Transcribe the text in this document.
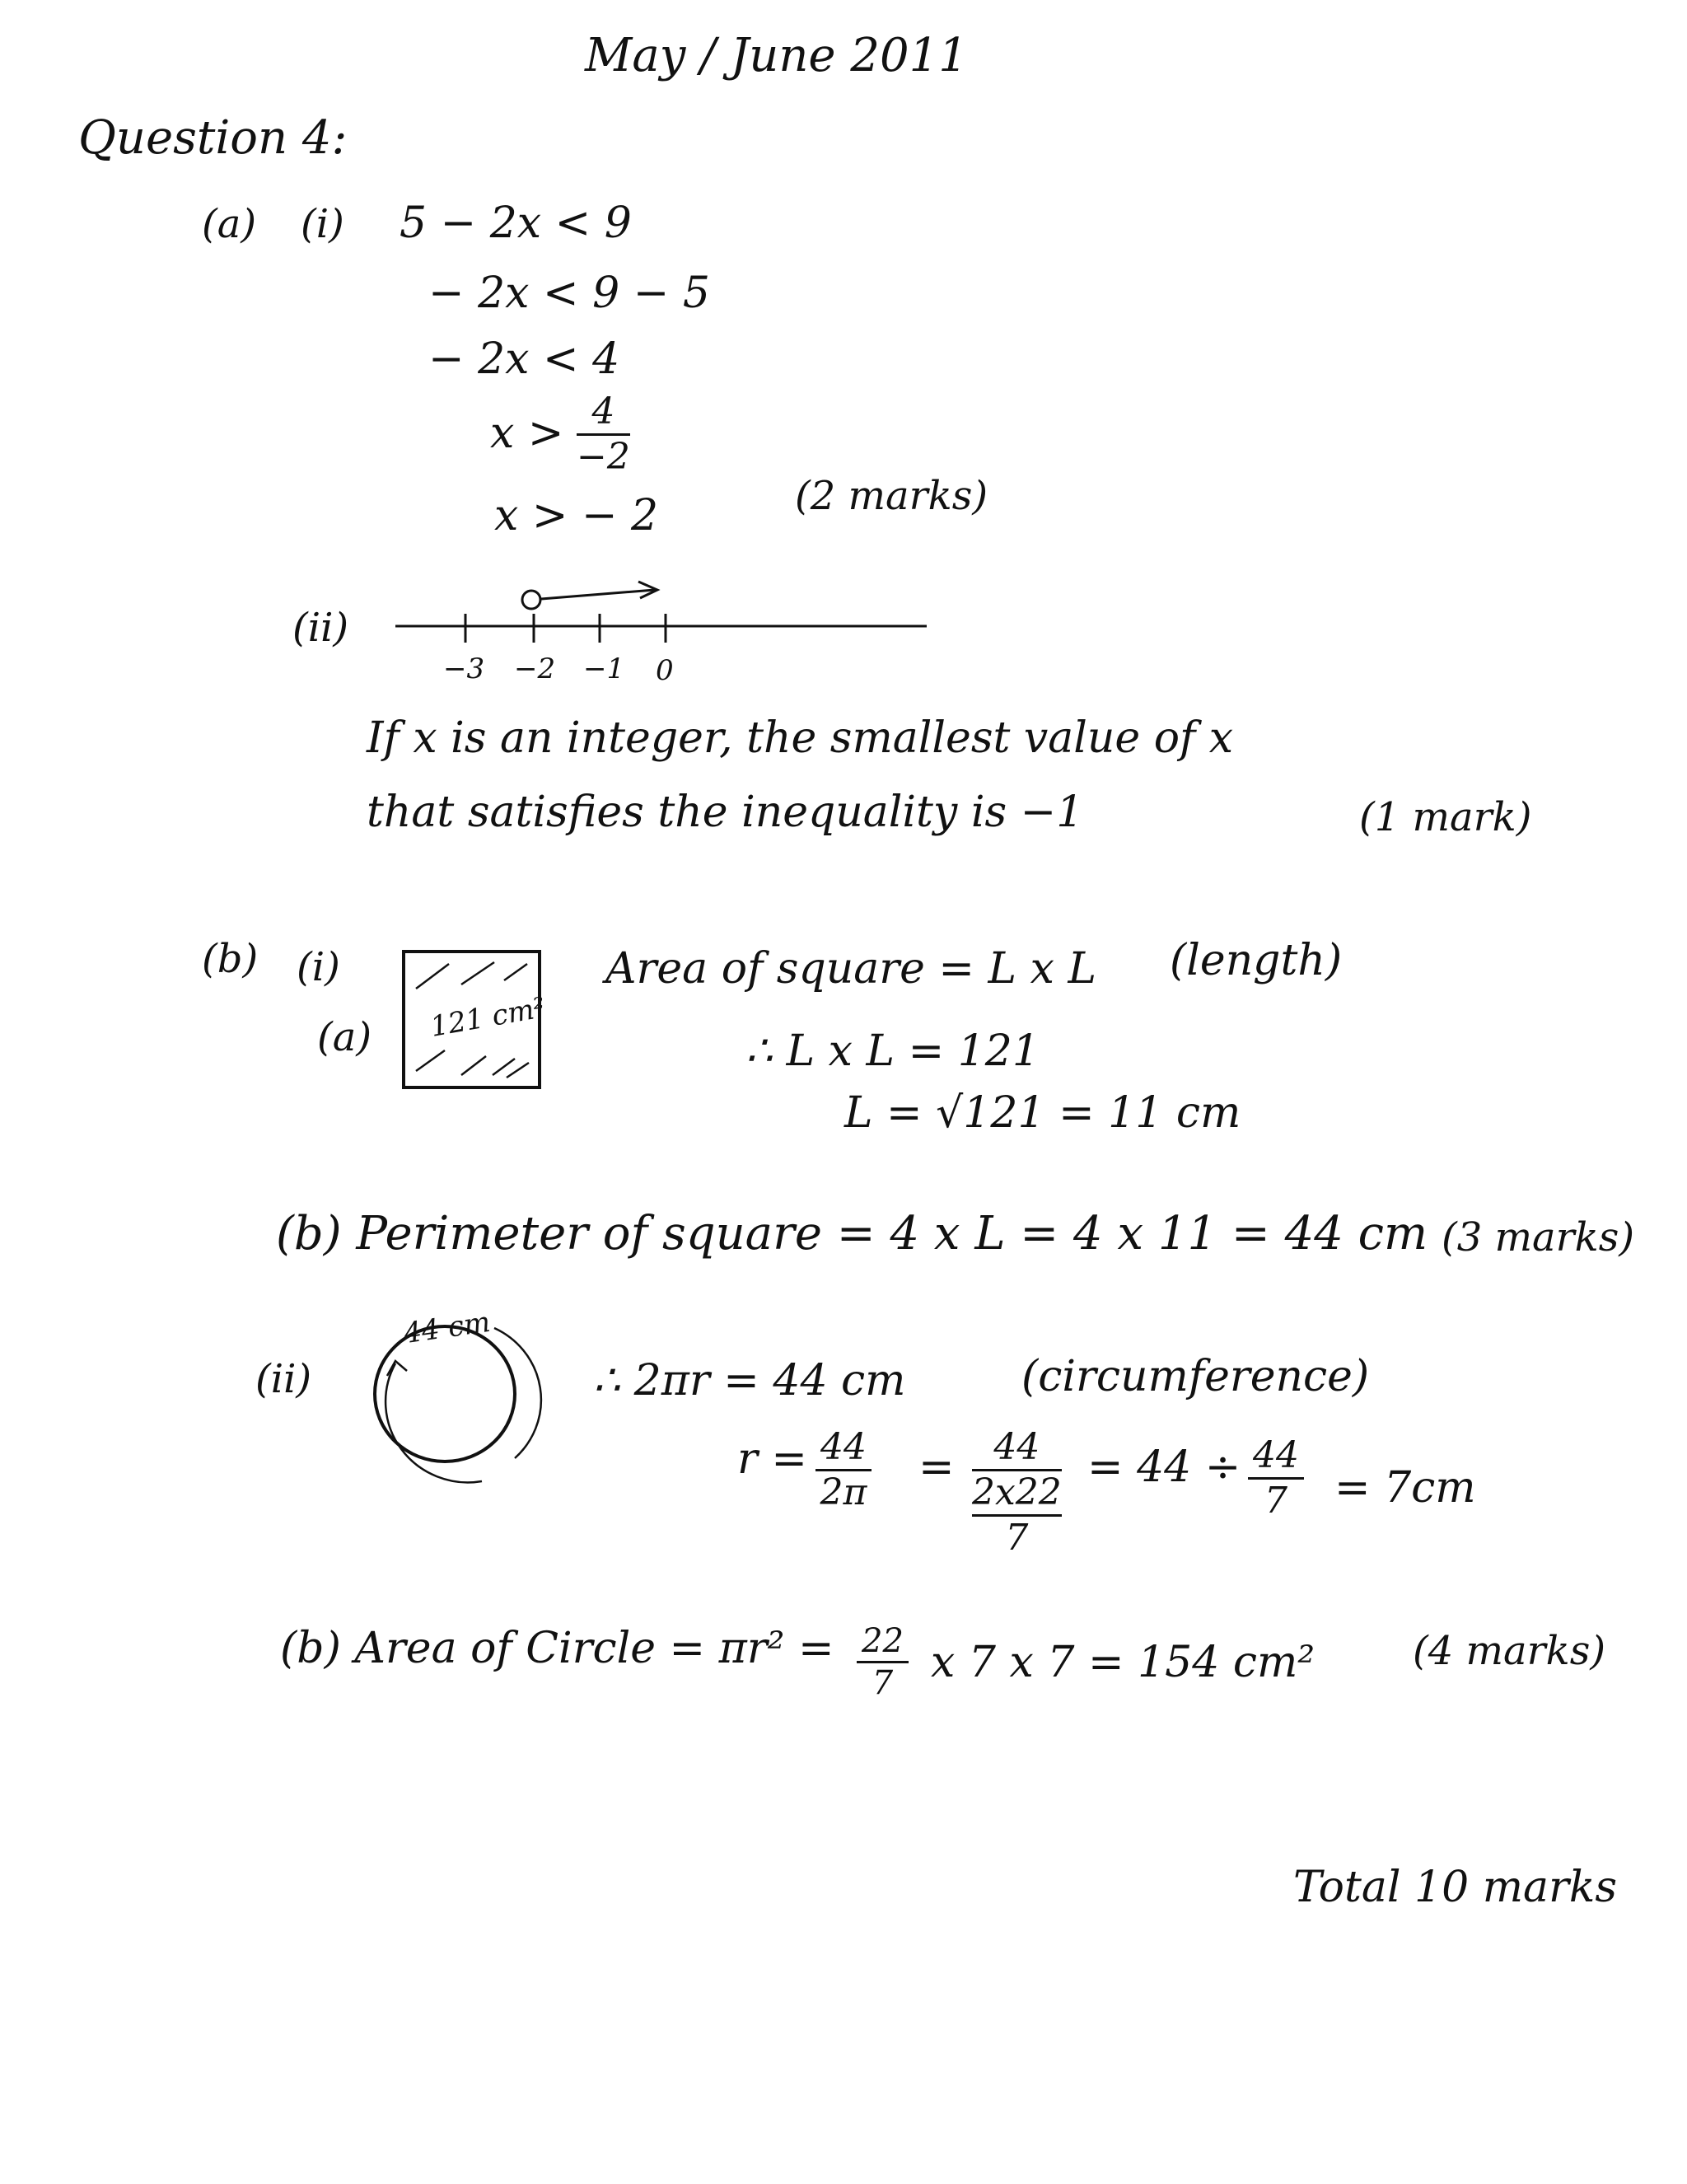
May / June 2011
Question 4:
(a) (i) 5 − 2x < 9
− 2x < 9 − 5
− 2x < 4
$x > \frac{4}{-2}$
x > − 2	(2 marks)
(ii)
−3 −2 −1 0
If x is an integer, the smallest value of x
that satisfies the inequality is −1	(1 mark)
(b) (i)
(a) 121 cm²
Area of square = L x L (length)
∴ L x L = 121
L = √121 = 11 cm
(b) Perimeter of square = 4 x L = 4 x 11 = 44 cm (3 marks)
(ii)
44 cm
∴ 2πr = 44 cm	(circumference)
$r = \frac{44}{2\pi}$ =	44
2x22
7
= $44 \div \frac{44}{7} = 7cm$
(b) Area of Circle = $\pi r^2 = \frac{22}{7}$ x 7 x 7 = 154 cm² (4 marks)
Total 10 marks
